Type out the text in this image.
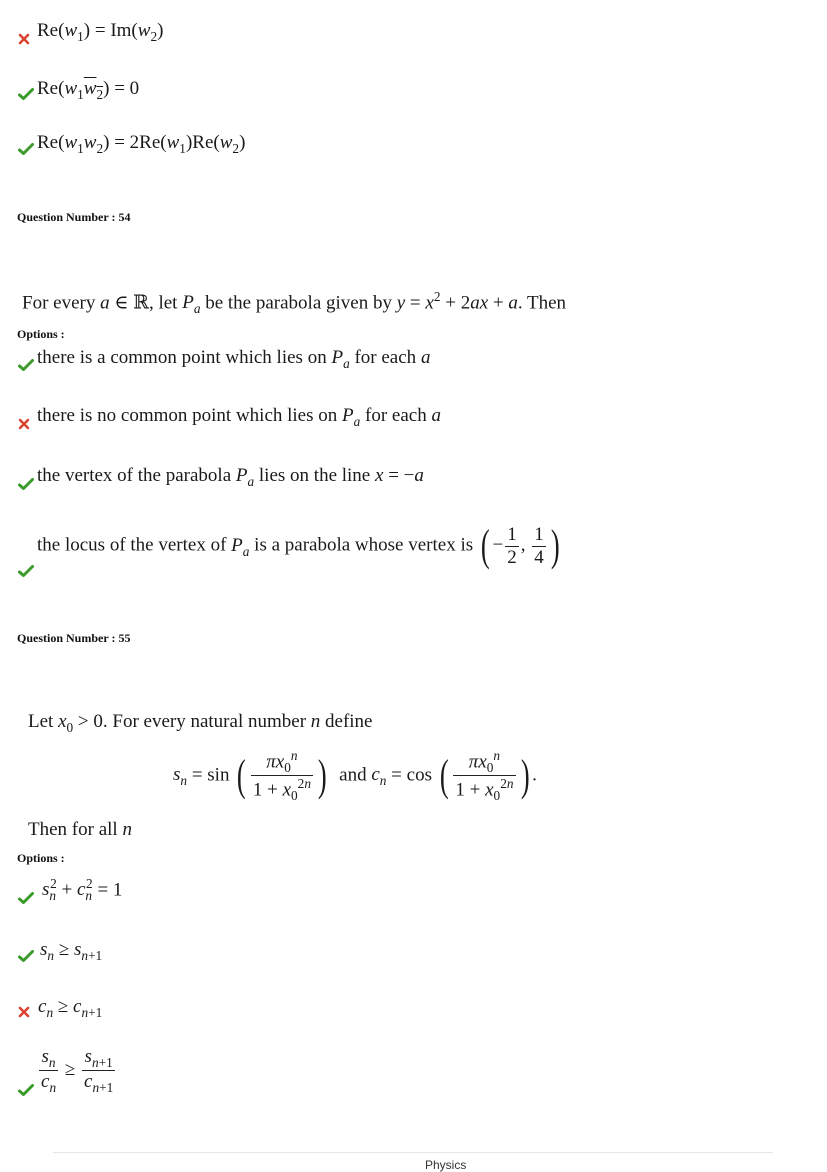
$Re(w_1) = Im(w_2)$
$Re(w_1w_2) = 0$
$Re(w_1w_2) = 2Re(w_1)Re(w_2)$
Question Number : 54
For every a ∈ ℝ, let $P_a$ be the parabola given by $y = x^2 + 2ax + a$. Then
Options :
there is a common point which lies on $P_a$ for each a
there is no common point which lies on $P_a$ for each a
the vertex of the parabola $P_a$ lies on the line x = −a
the locus of the vertex of $P_a$ is a parabola whose vertex is ( − $\frac{1}{2}$ , $\frac{1}{4}$ )
Question Number : 55
Let $x_0 > 0$. For every natural number n define
$s_n = \sin$ ( $\frac{\pi x_0^n}{1 + x_0^{2n}}$ )  and $c_n = \cos$ ( $\frac{\pi x_0^n}{1 + x_0^{2n}}$ ) .
Then for all n
Options :
$s_n^2 + c_n^2 = 1$
$s_n \ge s_{n+1}$
$c_n \ge c_{n+1}$
$\frac{s_n}{c_n} \ge \frac{s_{n+1}}{c_{n+1}}$
Physics
